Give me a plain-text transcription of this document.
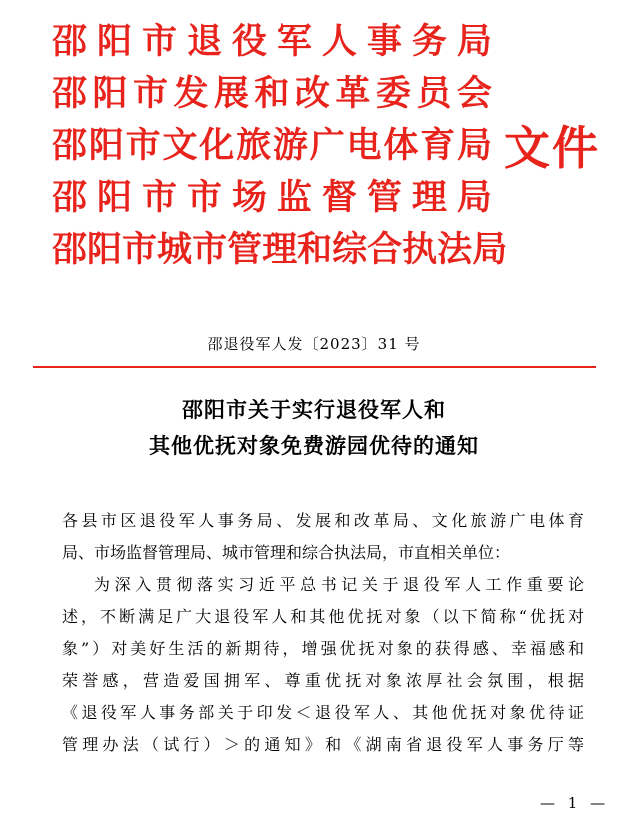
邵 阳 市 退 役 军 人 事 务 局
邵 阳 市 发 展 和 改 革 委 员 会
邵 阳 市 文 化 旅 游 广 电 体 育 局
邵 阳 市 市 场 监 督 管 理 局
邵 阳 市 城 市 管 理 和 综 合 执 法 局
文件
邵退役军人发〔2023〕31 号
邵阳市关于实行退役军人和
其他优抚对象免费游园优待的通知

各县市区退役军人事务局、发展和改革局、文化旅游广电体育

局、市场监督管理局、城市管理和综合执法局，市直相关单位：

为深入贯彻落实习近平总书记关于退役军人工作重要论

述，不断满足广大退役军人和其他优抚对象（以下简称“优抚对

象”）对美好生活的新期待，增强优抚对象的获得感、幸福感和

荣誉感，营造爱国拥军、尊重优抚对象浓厚社会氛围，根据

《退役军人事务部关于印发＜退役军人、其他优抚对象优待证

管理办法（试行）＞的通知》和《湖南省退役军人事务厅等

— 1 —
